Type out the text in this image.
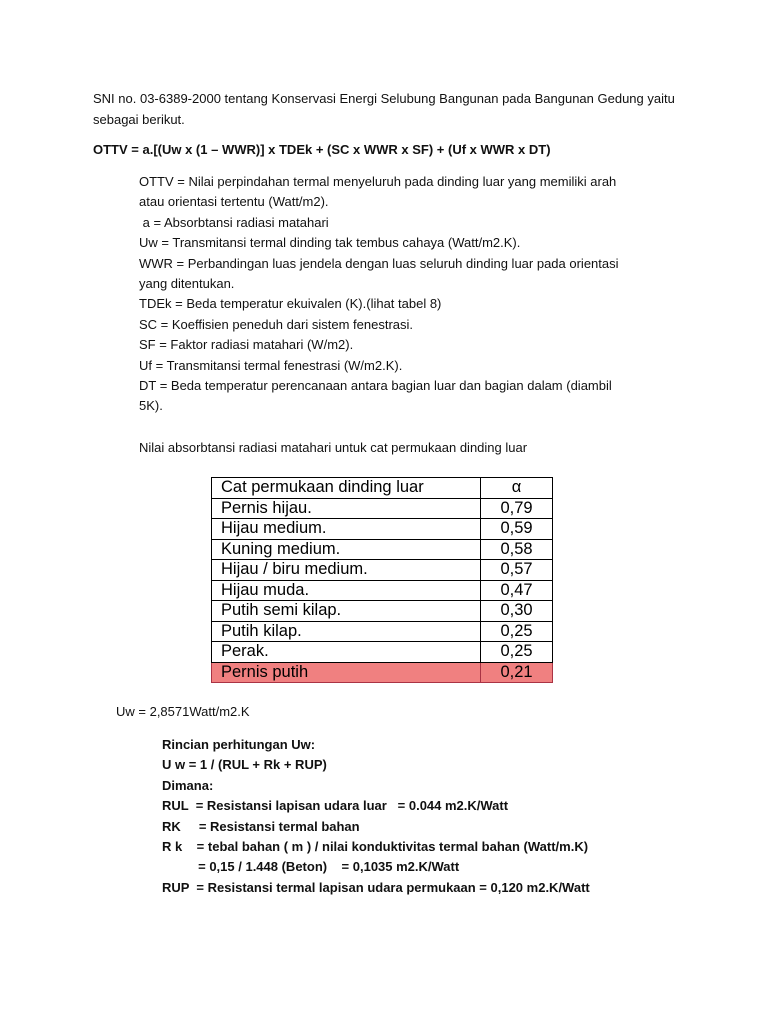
SNI no. 03-6389-2000 tentang Konservasi Energi Selubung Bangunan pada Bangunan Gedung yaitu sebagai berikut.
OTTV = a.[(Uw x (1 – WWR)] x TDEk + (SC x WWR x SF) + (Uf x WWR x DT)
OTTV = Nilai perpindahan termal menyeluruh pada dinding luar yang memiliki arah
atau orientasi tertentu (Watt/m2).
a = Absorbtansi radiasi matahari
Uw = Transmitansi termal dinding tak tembus cahaya (Watt/m2.K).
WWR = Perbandingan luas jendela dengan luas seluruh dinding luar pada orientasi
yang ditentukan.
TDEk = Beda temperatur ekuivalen (K).(lihat tabel 8)
SC = Koeffisien peneduh dari sistem fenestrasi.
SF = Faktor radiasi matahari (W/m2).
Uf = Transmitansi termal fenestrasi (W/m2.K).
DT = Beda temperatur perencanaan antara bagian luar dan bagian dalam (diambil
5K).
Nilai absorbtansi radiasi matahari untuk cat permukaan dinding luar
Cat permukaan dinding luar	α
Pernis hijau.	0,79
Hijau medium.	0,59
Kuning medium.	0,58
Hijau / biru medium.	0,57
Hijau muda.	0,47
Putih semi kilap.	0,30
Putih kilap.	0,25
Perak.	0,25
Pernis putih	0,21
Uw = 2,8571Watt/m2.K
Rincian perhitungan Uw:
U w = 1 / (RUL + Rk + RUP)
Dimana:
RUL  = Resistansi lapisan udara luar   = 0.044 m2.K/Watt
RK     = Resistansi termal bahan
R k    = tebal bahan ( m ) / nilai konduktivitas termal bahan (Watt/m.K)
= 0,15 / 1.448 (Beton)    = 0,1035 m2.K/Watt
RUP  = Resistansi termal lapisan udara permukaan = 0,120 m2.K/Watt
